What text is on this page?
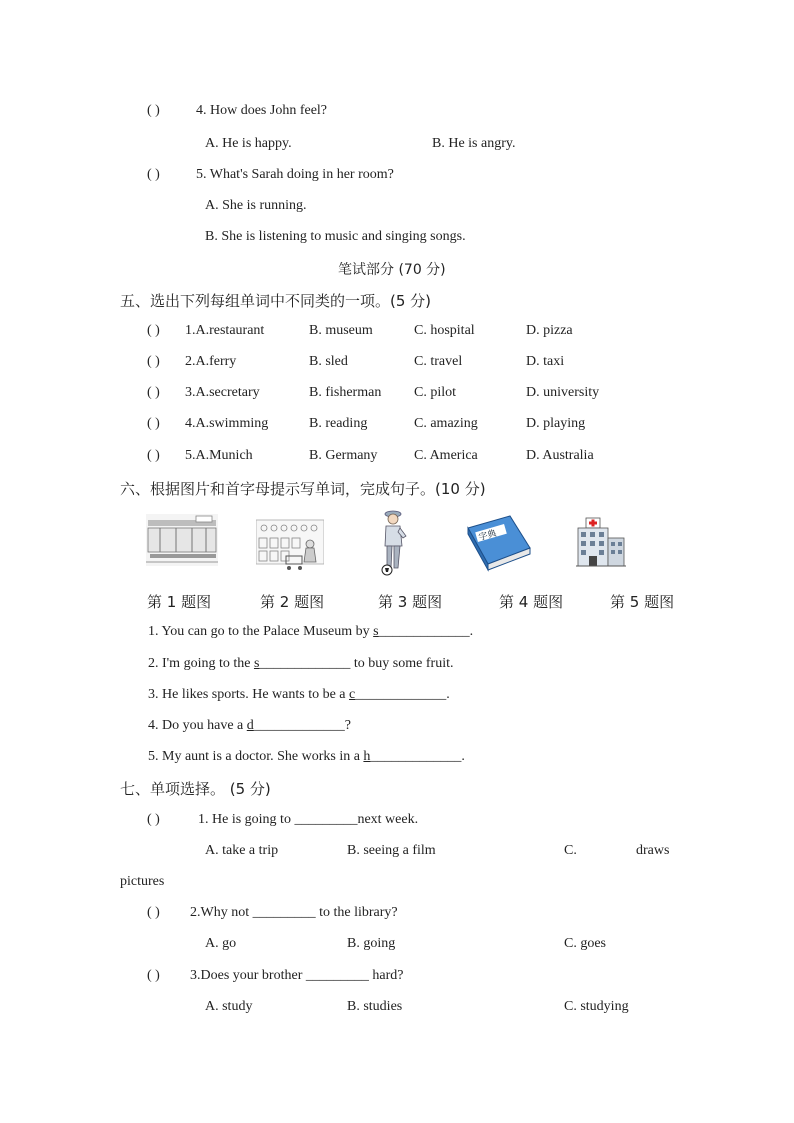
( )	4. How does John feel?
A. He is happy.	B. He is angry.
( )	5. What's Sarah doing in her room?
A. She is running.
B. She is listening to music and singing songs.
笔试部分 (70 分)
五、选出下列每组单词中不同类的一项。(5 分)
( ) 1.A.restaurant	B. museum	C. hospital	D. pizza
( ) 2.A.ferry	B. sled	C. travel	D. taxi
( ) 3.A.secretary	B. fisherman C. pilot	D. university
( ) 4.A.swimming	B. reading	C. amazing	D. playing
( ) 5.A.Munich	B. Germany	C. America	D. Australia
六、根据图片和首字母提示写单词，完成句子。(10 分)
字典
第 1 题图	第 2 题图	第 3 题图	第 4 题图	第 5 题图
1. You can go to the Palace Museum by s_____________.
2. I'm going to the s_____________ to buy some fruit.
3. He likes sports. He wants to be a c_____________.
4. Do you have a d_____________?
5. My aunt is a doctor. She works in a h_____________.
七、单项选择。 (5 分)
( )	1. He is going to _________next week.
A. take a trip	B. seeing a film	C.	draws
pictures
( ) 2.Why not _________ to the library?
A. go	B. going	C. goes
( ) 3.Does your brother _________ hard?
A. study	B. studies	C. studying
